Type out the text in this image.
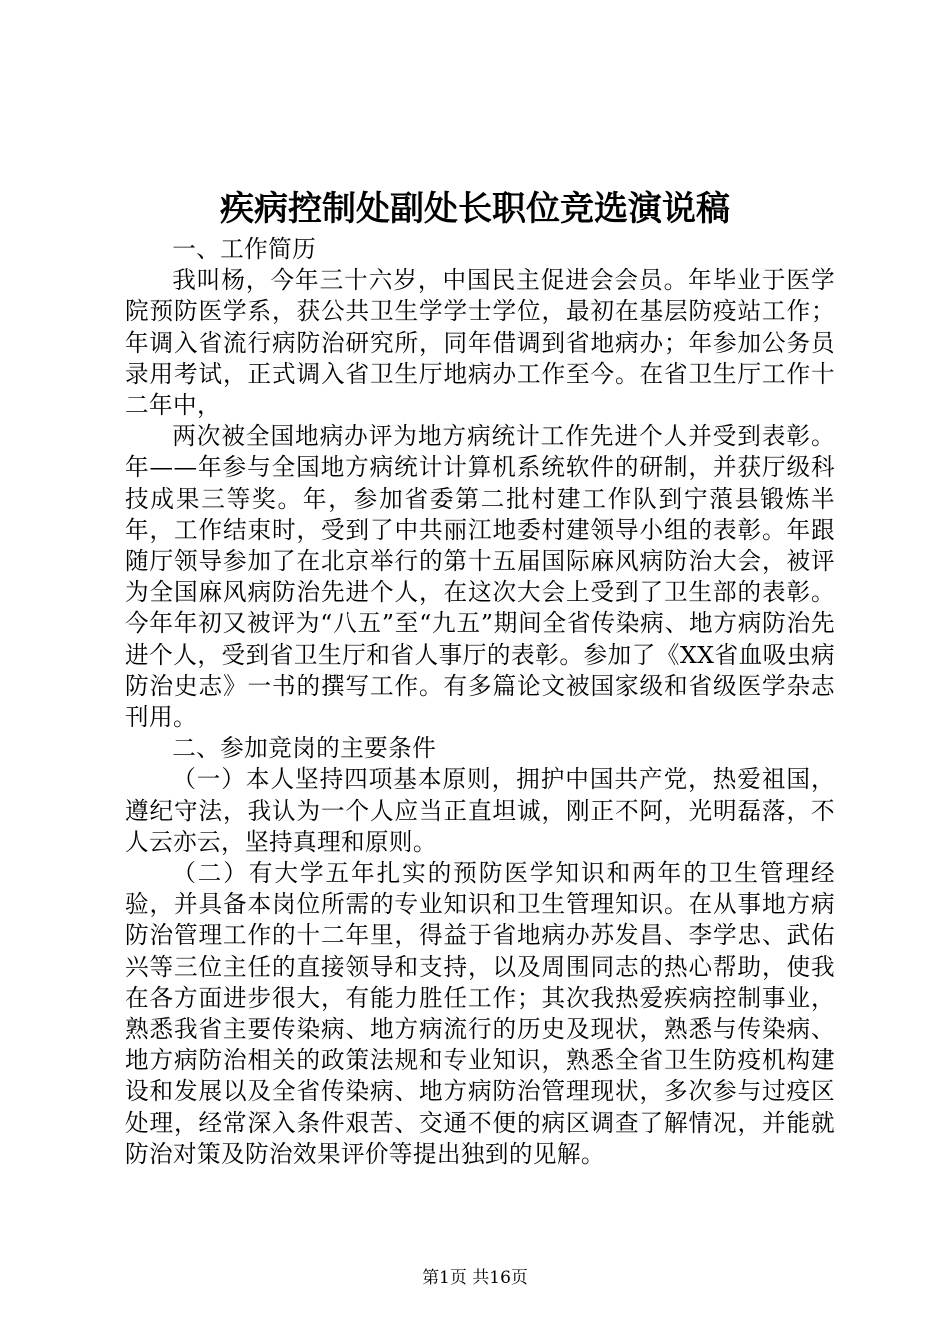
疾病控制处副处长职位竞选演说稿

一、工作简历

我叫杨，今年三十六岁，中国民主促进会会员。年毕业于医学院预防医学系，获公共卫生学学士学位，最初在基层防疫站工作；年调入省流行病防治研究所，同年借调到省地病办；年参加公务员录用考试，正式调入省卫生厅地病办工作至今。在省卫生厅工作十二年中，

两次被全国地病办评为地方病统计工作先进个人并受到表彰。年——年参与全国地方病统计计算机系统软件的研制，并获厅级科技成果三等奖。年，参加省委第二批村建工作队到宁蒗县锻炼半年，工作结束时，受到了中共丽江地委村建领导小组的表彰。年跟随厅领导参加了在北京举行的第十五届国际麻风病防治大会，被评为全国麻风病防治先进个人，在这次大会上受到了卫生部的表彰。今年年初又被评为“八五”至“九五”期间全省传染病、地方病防治先进个人，受到省卫生厅和省人事厅的表彰。参加了《XX省血吸虫病防治史志》一书的撰写工作。有多篇论文被国家级和省级医学杂志刊用。

二、参加竞岗的主要条件

（一）本人坚持四项基本原则，拥护中国共产党，热爱祖国，遵纪守法，我认为一个人应当正直坦诚，刚正不阿，光明磊落，不人云亦云，坚持真理和原则。

（二）有大学五年扎实的预防医学知识和两年的卫生管理经验，并具备本岗位所需的专业知识和卫生管理知识。在从事地方病防治管理工作的十二年里，得益于省地病办苏发昌、李学忠、武佑兴等三位主任的直接领导和支持，以及周围同志的热心帮助，使我在各方面进步很大，有能力胜任工作；其次我热爱疾病控制事业，熟悉我省主要传染病、地方病流行的历史及现状，熟悉与传染病、地方病防治相关的政策法规和专业知识，熟悉全省卫生防疫机构建设和发展以及全省传染病、地方病防治管理现状，多次参与过疫区处理，经常深入条件艰苦、交通不便的病区调查了解情况，并能就防治对策及防治效果评价等提出独到的见解。

第1页 共16页
